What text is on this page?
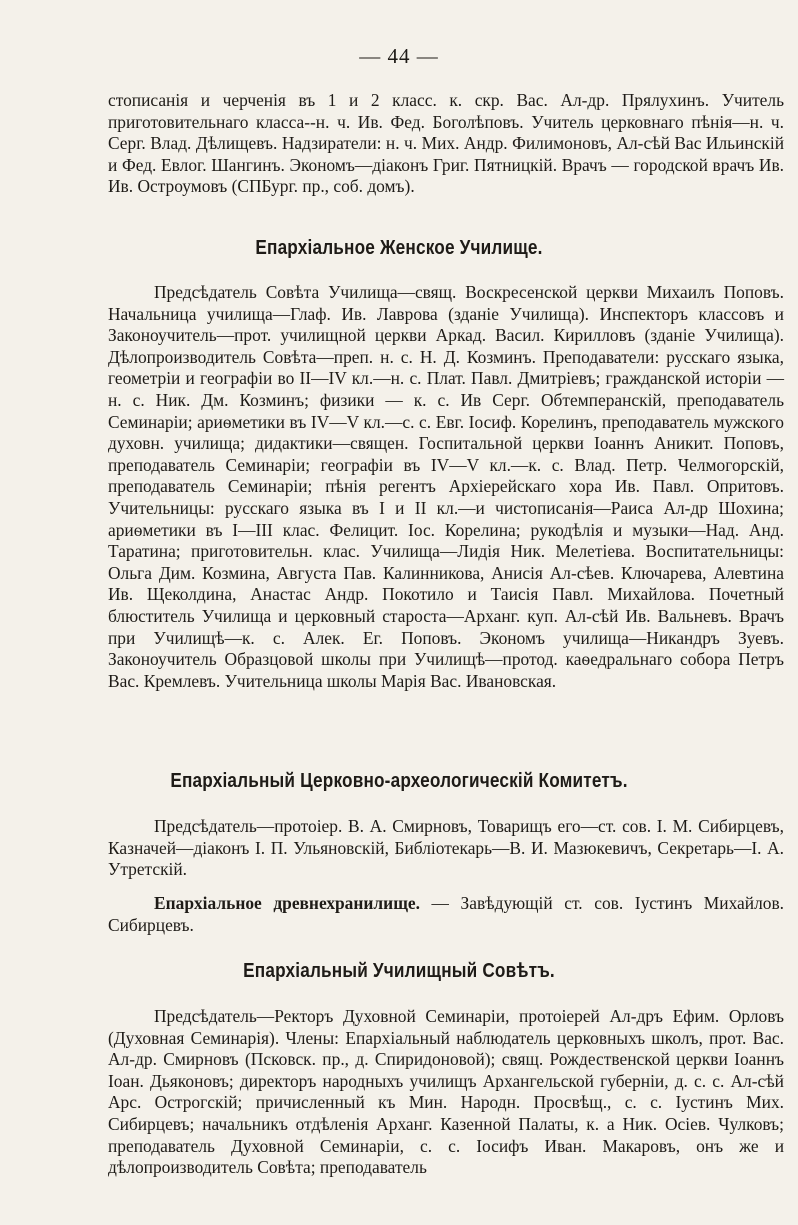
— 44 —

стописанія и черченія въ 1 и 2 класс. к. скр. Вас. Ал-др. Прялухинъ. Учитель приготовительнаго класса--н. ч. Ив. Фед. Боголѣповъ. Учитель церковнаго пѣнія—н. ч. Серг. Влад. Дѣлищевъ. Надзиратели: н. ч. Мих. Андр. Филимоновъ, Ал-сѣй Вас Ильинскій и Фед. Евлог. Шангинъ. Экономъ—діаконъ Григ. Пятницкій. Врачъ — городской врачъ Ив. Ив. Остроумовъ (СПБург. пр., соб. домъ).

Епархіальное Женское Училище.

Предсѣдатель Совѣта Училища—свящ. Воскресенской церкви Михаилъ Поповъ. Начальница училища—Глаф. Ив. Лаврова (зданіе Училища). Инспекторъ классовъ и Законоучитель—прот. училищной церкви Аркад. Васил. Кирилловъ (зданіе Училища). Дѣлопроизводитель Совѣта—преп. н. с. Н. Д. Козминъ. Преподаватели: русскаго языка, геометріи и географіи во II—IV кл.—н. с. Плат. Павл. Дмитріевъ; гражданской исторіи — н. с. Ник. Дм. Козминъ; физики — к. с. Ив Серг. Обтемперанскій, преподаватель Семинаріи; ариѳметики въ IV—V кл.—с. с. Евг. Іосиф. Корелинъ, преподаватель мужского духовн. училища; дидактики—священ. Госпитальной церкви Іоаннъ Аникит. Поповъ, преподаватель Семинаріи; географіи въ IV—V кл.—к. с. Влад. Петр. Челмогорскій, преподаватель Семинаріи; пѣнія регентъ Архіерейскаго хора Ив. Павл. Опритовъ. Учительницы: русскаго языка въ I и II кл.—и чистописанія—Раиса Ал-др Шохина; ариѳметики въ I—III клас. Фелицит. Іос. Корелина; рукодѣлія и музыки—Над. Анд. Таратина; приготовительн. клас. Училища—Лидія Ник. Мелетіева. Воспитательницы: Ольга Дим. Козмина, Августа Пав. Калинникова, Анисія Ал-сѣев. Ключарева, Алевтина Ив. Щеколдина, Анастас Андр. Покотило и Таисія Павл. Михайлова. Почетный блюститель Училища и церковный староста—Арханг. куп. Ал-сѣй Ив. Вальневъ. Врачъ при Училищѣ—к. с. Алек. Ег. Поповъ. Экономъ училища—Никандръ Зуевъ. Законоучитель Образцовой школы при Училищѣ—протод. каѳедральнаго собора Петръ Вас. Кремлевъ. Учительница школы Марія Вас. Ивановская.

Епархіальный Церковно-археологическій Комитетъ.

Предсѣдатель—протоіер. В. А. Смирновъ, Товарищъ его—ст. сов. І. М. Сибирцевъ, Казначей—діаконъ І. П. Ульяновскій, Библіотекарь—В. И. Мазюкевичъ, Секретарь—І. А. Утретскій.

Епархіальное древнехранилище. — Завѣдующій ст. сов. Іустинъ Михайлов. Сибирцевъ.

Епархіальный Училищный Совѣтъ.

Предсѣдатель—Ректоръ Духовной Семинаріи, протоіерей Ал-дръ Ефим. Орловъ (Духовная Семинарія). Члены: Епархіальный наблюдатель церковныхъ школъ, прот. Вас. Ал-др. Смирновъ (Псковск. пр., д. Спиридоновой); свящ. Рождественской церкви Іоаннъ Іоан. Дьяконовъ; директоръ народныхъ училищъ Архангельской губерніи, д. с. с. Ал-сѣй Арс. Острогскій; причисленный къ Мин. Народн. Просвѣщ., с. с. Іустинъ Мих. Сибирцевъ; начальникъ отдѣленія Арханг. Казенной Палаты, к. а Ник. Осіев. Чулковъ; преподаватель Духовной Семинаріи, с. с. Іосифъ Иван. Макаровъ, онъ же и дѣлопроизводитель Совѣта; преподаватель
